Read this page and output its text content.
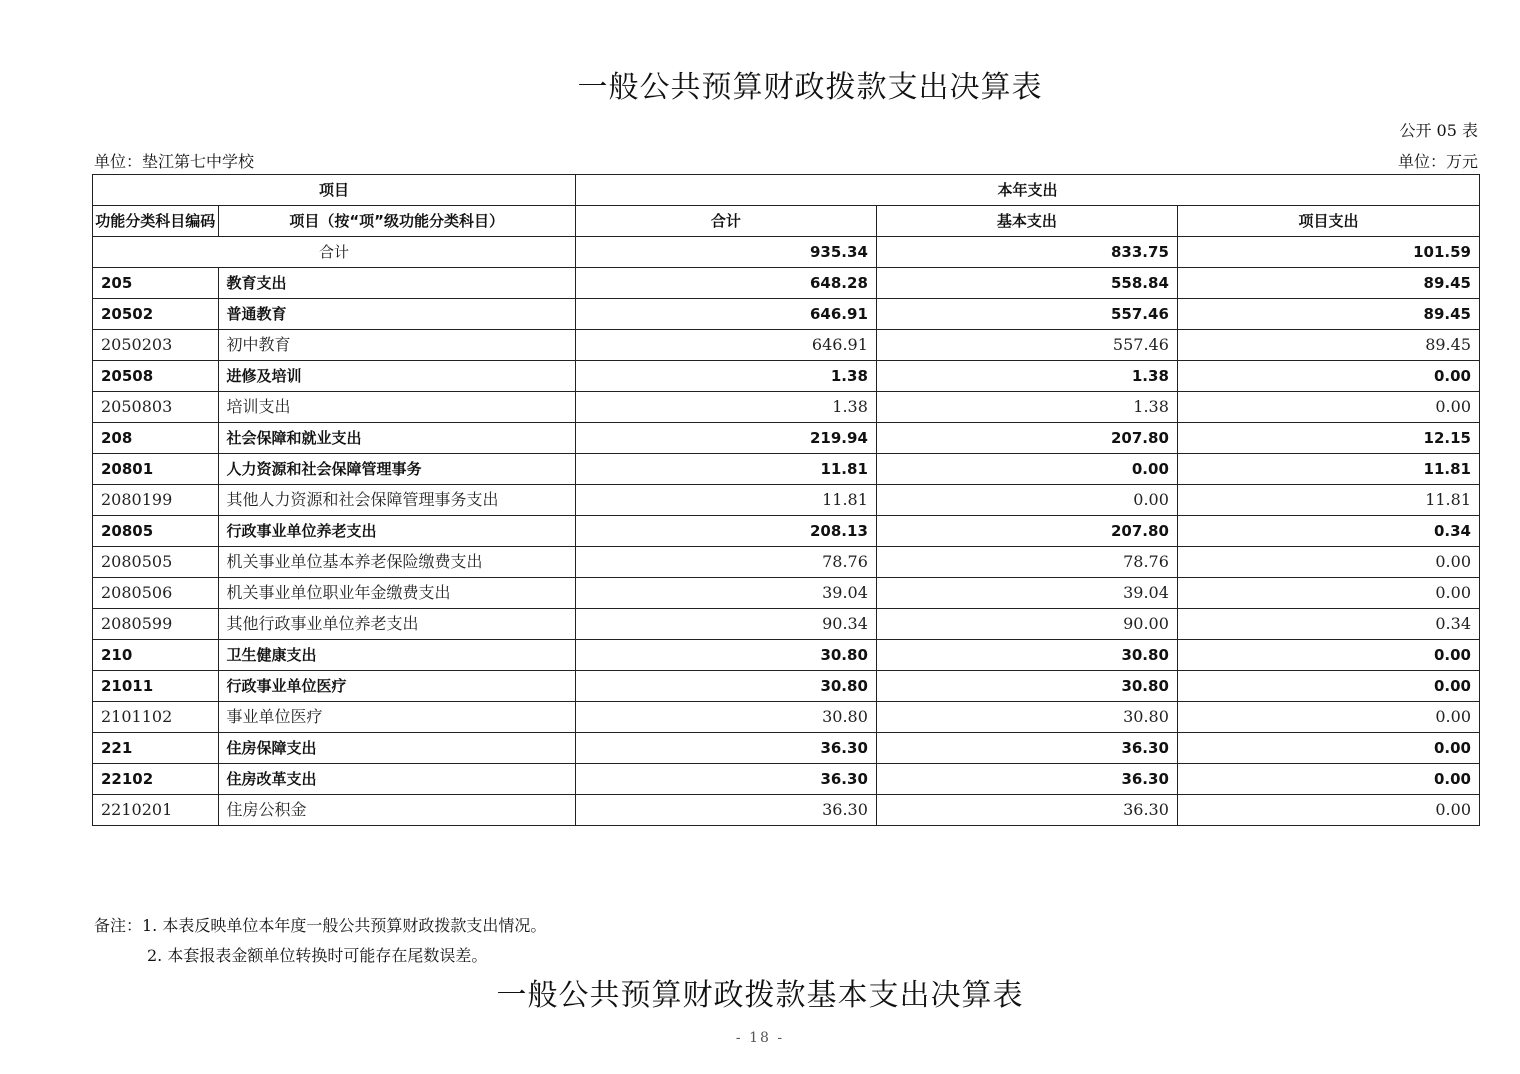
一般公共预算财政拨款支出决算表
公开 05 表
单位：垫江第七中学校	单位：万元
项目		本年支出		
功能分类科目编码	项目（按“项”级功能分类科目）	合计	基本支出	项目支出
合计		935.34	833.75	101.59
205	教育支出	648.28	558.84	89.45
20502	普通教育	646.91	557.46	89.45
2050203	初中教育	646.91	557.46	89.45
20508	进修及培训	1.38	1.38	0.00
2050803	培训支出	1.38	1.38	0.00
208	社会保障和就业支出	219.94	207.80	12.15
20801	人力资源和社会保障管理事务	11.81	0.00	11.81
2080199	其他人力资源和社会保障管理事务支出	11.81	0.00	11.81
20805	行政事业单位养老支出	208.13	207.80	0.34
2080505	机关事业单位基本养老保险缴费支出	78.76	78.76	0.00
2080506	机关事业单位职业年金缴费支出	39.04	39.04	0.00
2080599	其他行政事业单位养老支出	90.34	90.00	0.34
210	卫生健康支出	30.80	30.80	0.00
21011	行政事业单位医疗	30.80	30.80	0.00
2101102	事业单位医疗	30.80	30.80	0.00
221	住房保障支出	36.30	36.30	0.00
22102	住房改革支出	36.30	36.30	0.00
2210201	住房公积金	36.30	36.30	0.00
备注：1. 本表反映单位本年度一般公共预算财政拨款支出情况。
2. 本套报表金额单位转换时可能存在尾数误差。
一般公共预算财政拨款基本支出决算表
- 18 -
